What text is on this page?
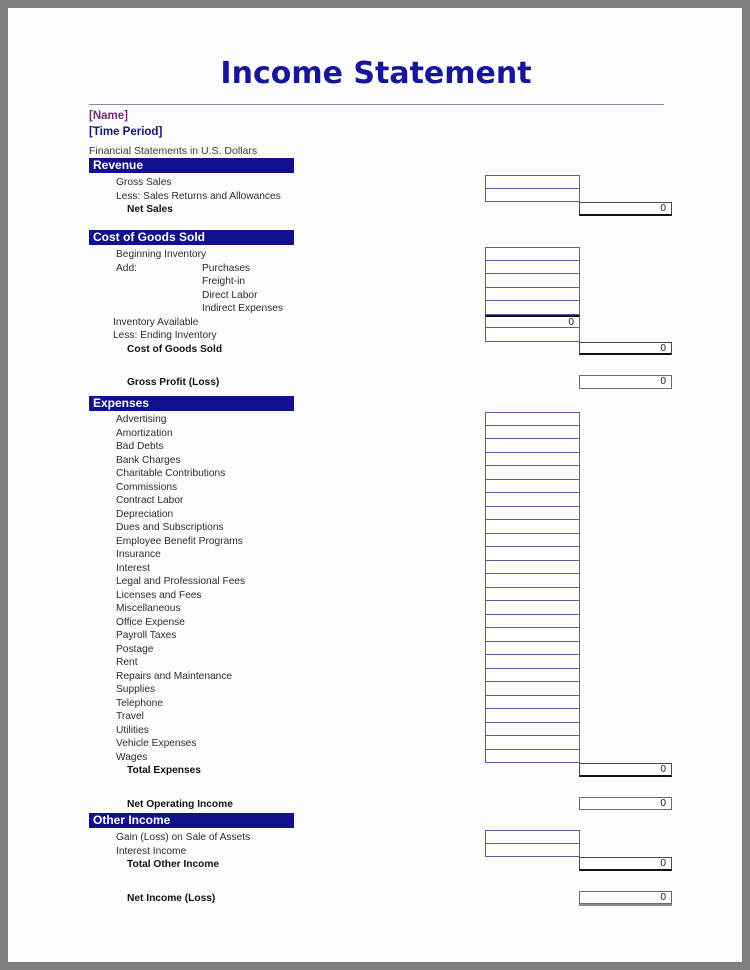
Income Statement
[Name]
[Time Period]
Financial Statements in U.S. Dollars
Revenue
Gross Sales
Less: Sales Returns and Allowances
Net Sales	0
Cost of Goods Sold
Beginning Inventory
Add:	Purchases
Freight-in
Direct Labor
Indirect Expenses
Inventory Available	0
Less: Ending Inventory
Cost of Goods Sold	0
Gross Profit (Loss)	0
Expenses
Advertising
Amortization
Bad Debts
Bank Charges
Charitable Contributions
Commissions
Contract Labor
Depreciation
Dues and Subscriptions
Employee Benefit Programs
Insurance
Interest
Legal and Professional Fees
Licenses and Fees
Miscellaneous
Office Expense
Payroll Taxes
Postage
Rent
Repairs and Maintenance
Supplies
Telephone
Travel
Utilities
Vehicle Expenses
Wages
Total Expenses	0
Net Operating Income	0
Other Income
Gain (Loss) on Sale of Assets
Interest Income
Total Other Income	0
Net Income (Loss)	0
